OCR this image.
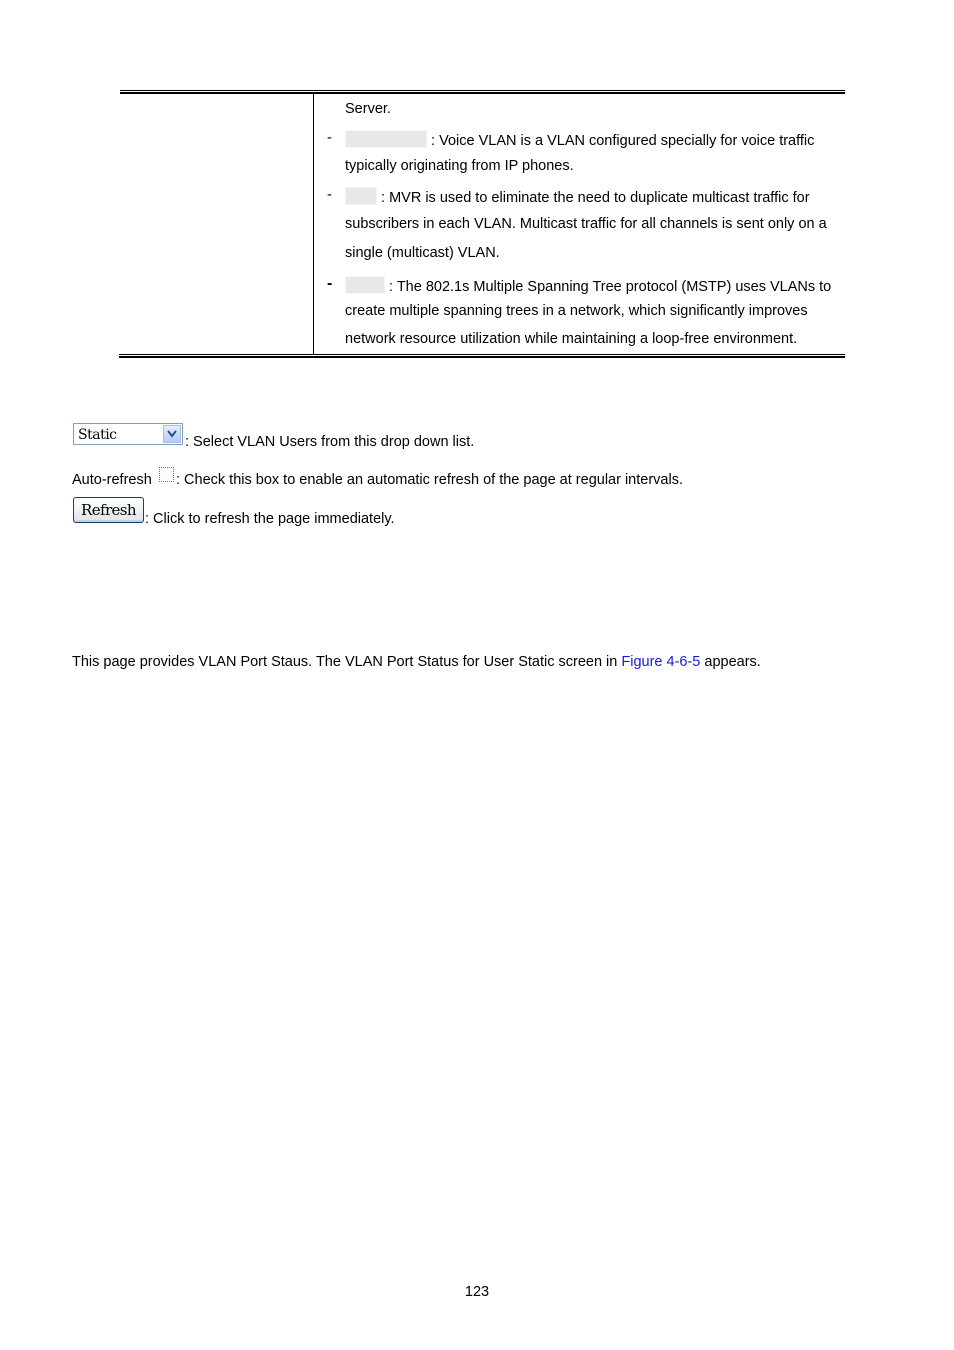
Server.
-	: Voice VLAN is a VLAN configured specially for voice traffic
typically originating from IP phones.
-	: MVR is used to eliminate the need to duplicate multicast traffic for
subscribers in each VLAN. Multicast traffic for all channels is sent only on a
single (multicast) VLAN.
-	: The 802.1s Multiple Spanning Tree protocol (MSTP) uses VLANs to
create multiple spanning trees in a network, which significantly improves
network resource utilization while maintaining a loop-free environment.
Static	: Select VLAN Users from this drop down list.
Auto-refresh : Check this box to enable an automatic refresh of the page at regular intervals.
Refresh : Click to refresh the page immediately.
This page provides VLAN Port Staus. The VLAN Port Status for User Static screen in Figure 4-6-5 appears.
123
